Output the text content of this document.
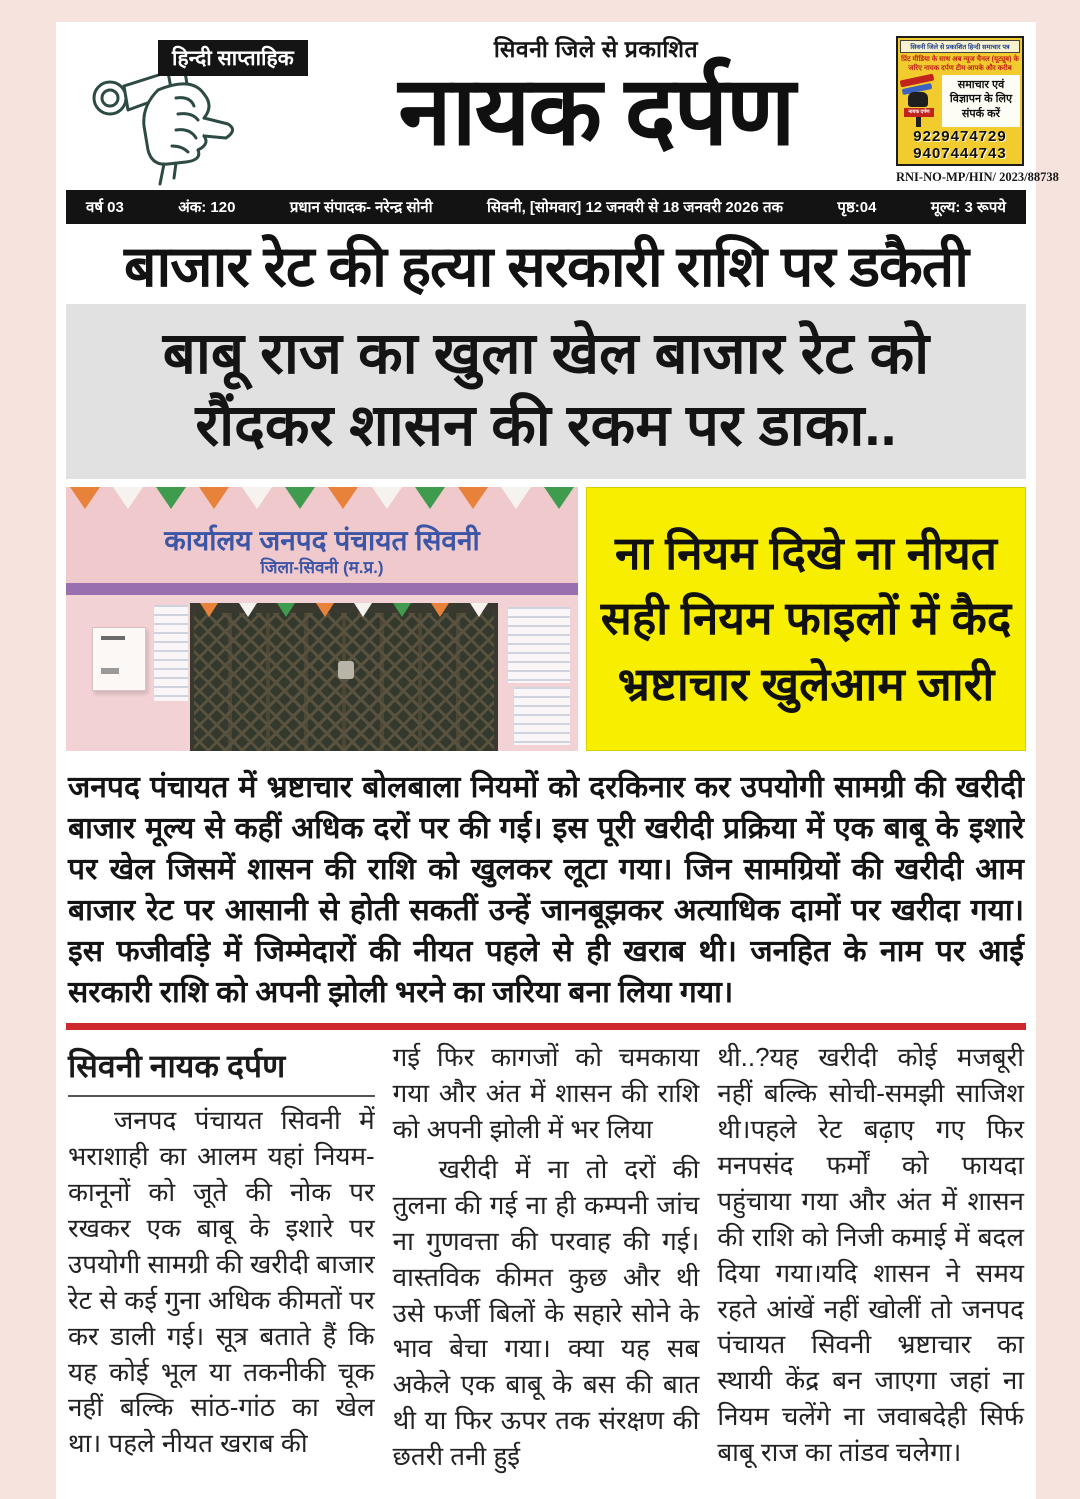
हिन्दी साप्ताहिक	सिवनी जिले से प्रकाशित
नायक दर्पण
सिवनी जिले से प्रकाशित हिन्दी समाचार पत्र
प्रिंट मीडिया के साथ अब न्यूज चैनल (यूट्यूब) के जरिए नायक दर्पण टीम आपके और करीब
नायक दर्पण
समाचार एवं विज्ञापन के लिए संपर्क करें
9229474729
9407444743
RNI-NO-MP/HIN/ 2023/88738
वर्ष 03	अंक: 120	प्रधान संपादक- नरेन्द्र सोनी	सिवनी, [सोमवार] 12 जनवरी से 18 जनवरी 2026 तक	पृष्ठ:04	मूल्य: 3 रूपये
बाजार रेट की हत्या सरकारी राशि पर डकैती
बाबू राज का खुला खेल बाजार रेट को
रौंदकर शासन की रकम पर डाका..
कार्यालय जनपद पंचायत सिवनी
जिला-सिवनी (म.प्र.)	ना नियम दिखे ना नीयत
सही नियम फाइलों में कैद
भ्रष्टाचार खुलेआम जारी

जनपद पंचायत में भ्रष्टाचार बोलबाला नियमों को दरकिनार कर उपयोगी सामग्री की खरीदी बाजार मूल्य से कहीं अधिक दरों पर की गई। इस पूरी खरीदी प्रक्रिया में एक बाबू के इशारे पर खेल जिसमें शासन की राशि को खुलकर लूटा गया। जिन सामग्रियों की खरीदी आम बाजार रेट पर आसानी से होती सकतीं उन्हें जानबूझकर अत्याधिक दामों पर खरीदा गया। इस फजीर्वाड़े में जिम्मेदारों की नीयत पहले से ही खराब थी। जनहित के नाम पर आई सरकारी राशि को अपनी झोली भरने का जरिया बना लिया गया।

सिवनी नायक दर्पण

जनपद पंचायत सिवनी में भराशाही का आलम यहां नियम-कानूनों को जूते की नोक पर रखकर एक बाबू के इशारे पर उपयोगी सामग्री की खरीदी बाजार रेट से कई गुना अधिक कीमतों पर कर डाली गई। सूत्र बताते हैं कि यह कोई भूल या तकनीकी चूक नहीं बल्कि सांठ-गांठ का खेल था। पहले नीयत खराब की

गई फिर कागजों को चमकाया गया और अंत में शासन की राशि को अपनी झोली में भर लिया

खरीदी में ना तो दरों की तुलना की गई ना ही कम्पनी जांच ना गुणवत्ता की परवाह की गई। वास्तविक कीमत कुछ और थी उसे फर्जी बिलों के सहारे सोने के भाव बेचा गया। क्या यह सब अकेले एक बाबू के बस की बात थी या फिर ऊपर तक संरक्षण की छतरी तनी हुई

थी..?यह खरीदी कोई मजबूरी नहीं बल्कि सोची-समझी साजिश थी।पहले रेट बढ़ाए गए फिर मनपसंद फर्मों को फायदा पहुंचाया गया और अंत में शासन की राशि को निजी कमाई में बदल दिया गया।यदि शासन ने समय रहते आंखें नहीं खोलीं तो जनपद पंचायत सिवनी भ्रष्टाचार का स्थायी केंद्र बन जाएगा जहां ना नियम चलेंगे ना जवाबदेही सिर्फ बाबू राज का तांडव चलेगा।
